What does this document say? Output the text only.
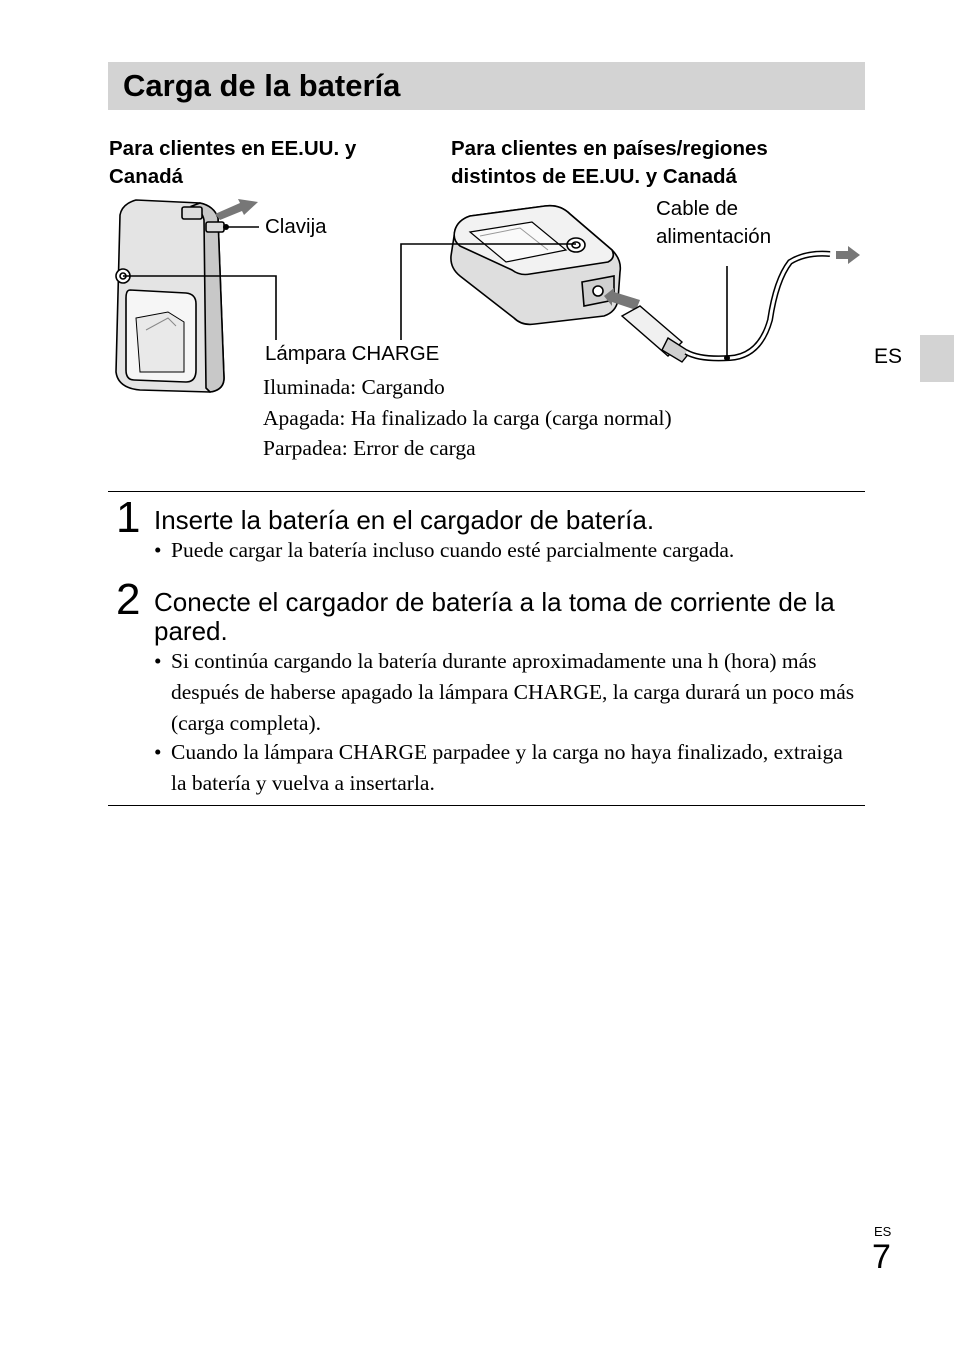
Carga de la batería
Para clientes en EE.UU. y
Canadá
Para clientes en países/regiones
distintos de EE.UU. y Canadá
Clavija
Cable de
alimentación
Lámpara CHARGE
Iluminada: Cargando
Apagada: Ha finalizado la carga (carga normal)
Parpadea: Error de carga
ES
1 Inserte la batería en el cargador de batería.
• Puede cargar la batería incluso cuando esté parcialmente cargada.
2 Conecte el cargador de batería a la toma de corriente de la pared.
• Si continúa cargando la batería durante aproximadamente una h (hora) más después de haberse apagado la lámpara CHARGE, la carga durará un poco más (carga completa).
• Cuando la lámpara CHARGE parpadee y la carga no haya finalizado, extraiga la batería y vuelva a insertarla.
ES
7
